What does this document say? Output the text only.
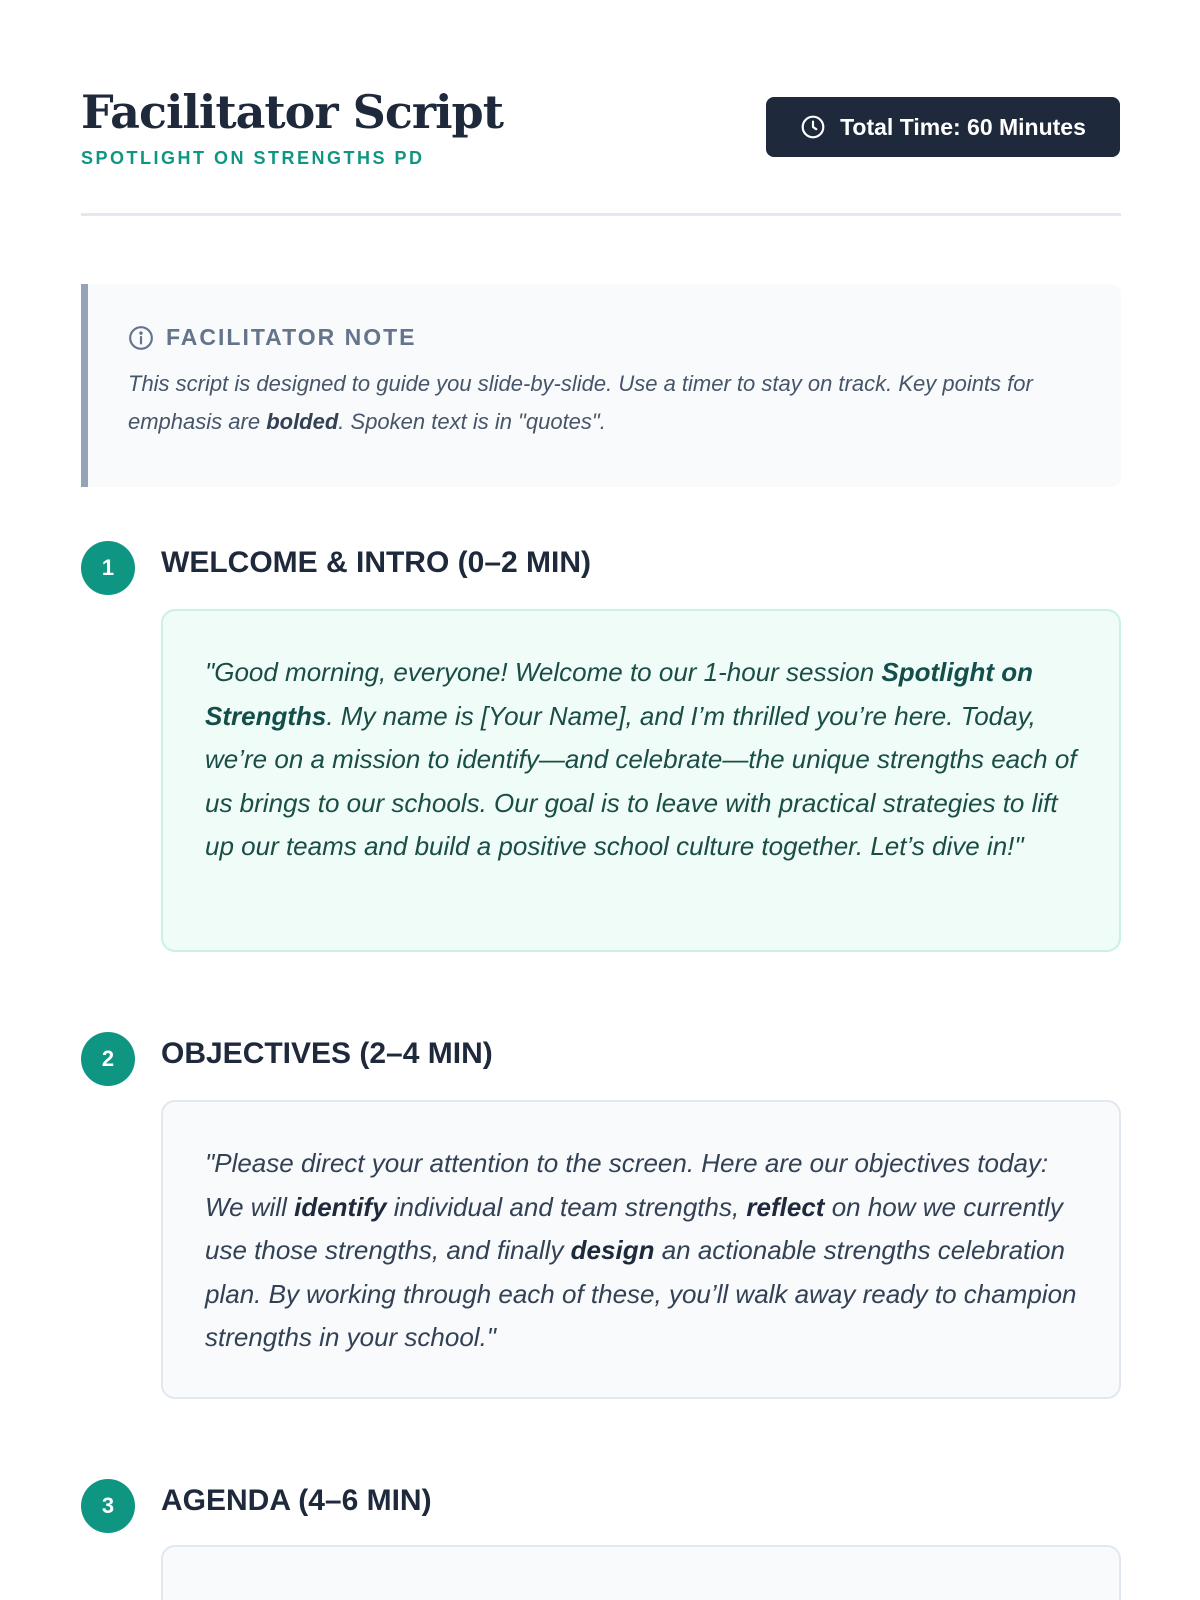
Facilitator Script
SPOTLIGHT ON STRENGTHS PD
Total Time: 60 Minutes
FACILITATOR NOTE
This script is designed to guide you slide-by-slide. Use a timer to stay on track. Key points for emphasis are bolded. Spoken text is in "quotes".
1	WELCOME & INTRO (0–2 MIN)
"Good morning, everyone! Welcome to our 1-hour session Spotlight on Strengths. My name is [Your Name], and I’m thrilled you’re here. Today, we’re on a mission to identify—and celebrate—the unique strengths each of us brings to our schools. Our goal is to leave with practical strategies to lift up our teams and build a positive school culture together. Let’s dive in!"
2	OBJECTIVES (2–4 MIN)
"Please direct your attention to the screen. Here are our objectives today: We will identify individual and team strengths, reflect on how we currently use those strengths, and finally design an actionable strengths celebration plan. By working through each of these, you’ll walk away ready to champion strengths in your school."
3	AGENDA (4–6 MIN)
